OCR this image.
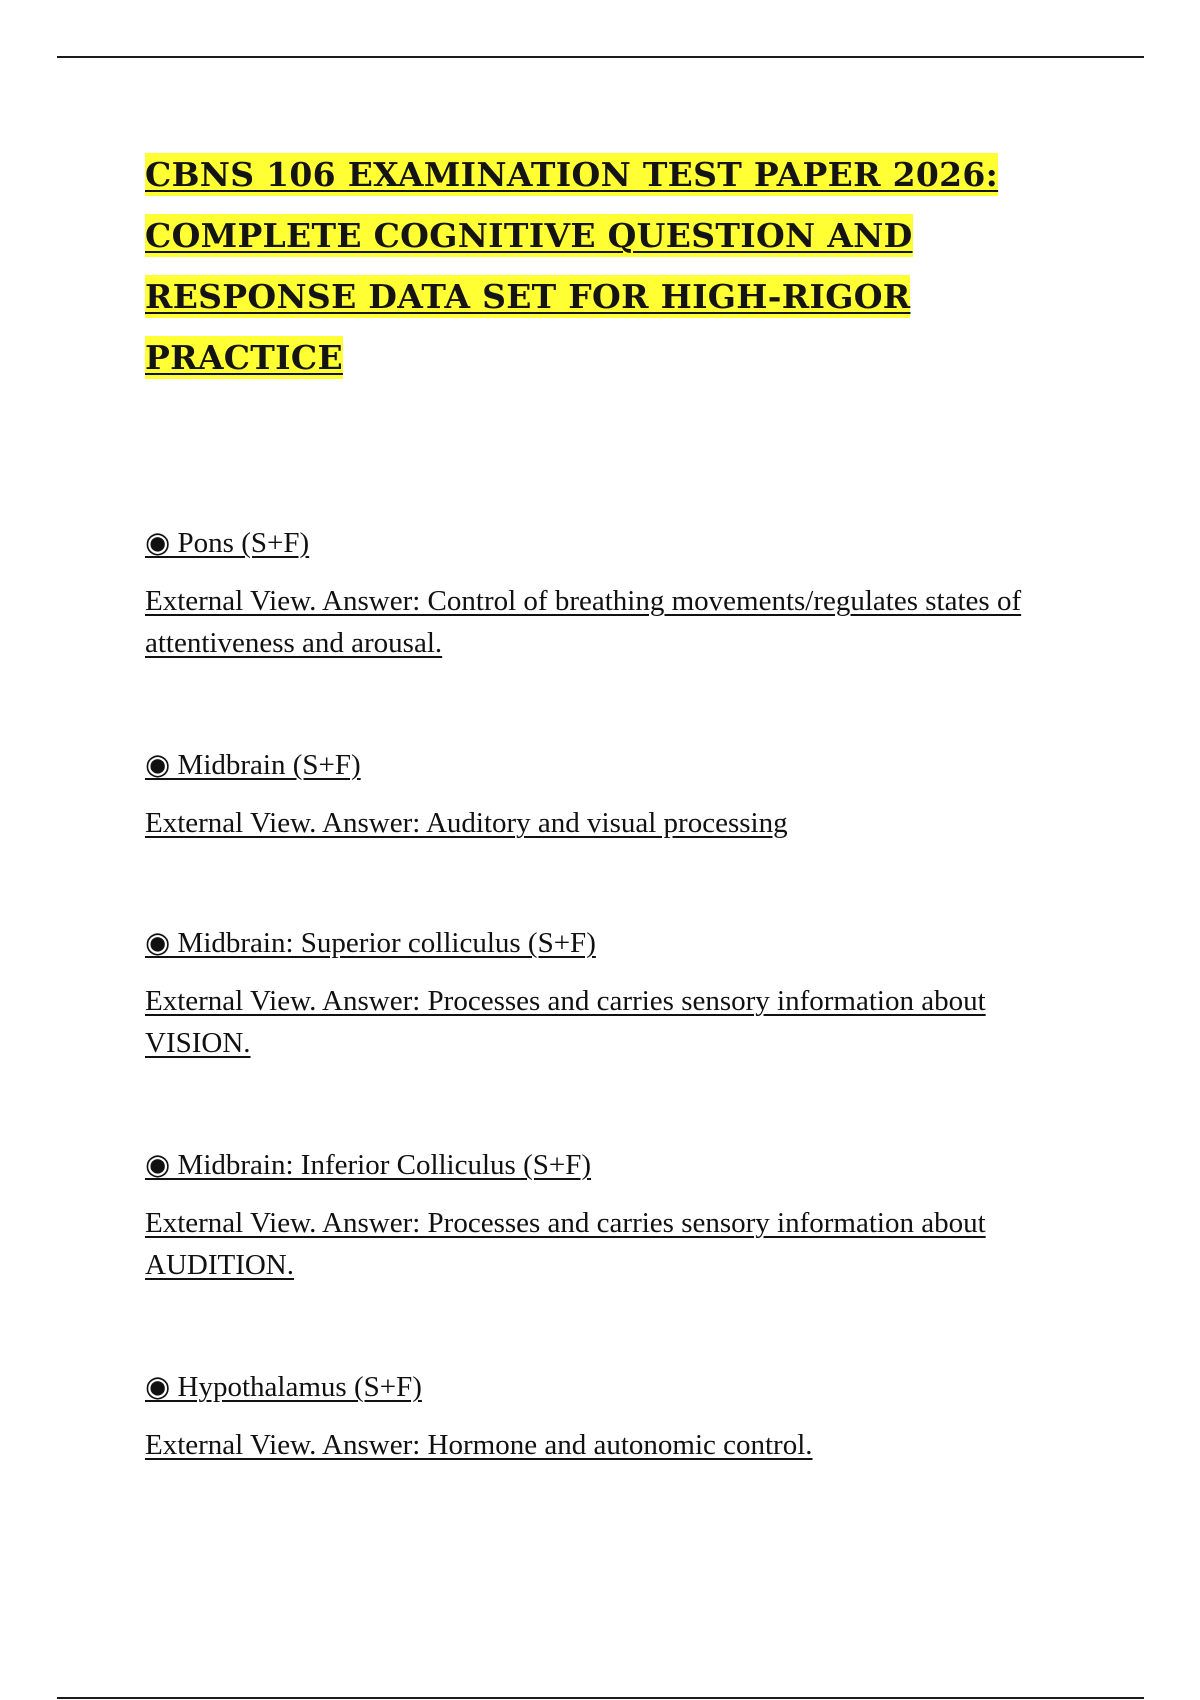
CBNS 106 EXAMINATION TEST PAPER 2026:
COMPLETE COGNITIVE QUESTION AND
RESPONSE DATA SET FOR HIGH-RIGOR
PRACTICE
◉ Pons (S+F)
External View. Answer: Control of breathing movements/regulates states of attentiveness and arousal.
◉ Midbrain (S+F)
External View. Answer: Auditory and visual processing
◉ Midbrain: Superior colliculus (S+F)
External View. Answer: Processes and carries sensory information about VISION.
◉ Midbrain: Inferior Colliculus (S+F)
External View. Answer: Processes and carries sensory information about AUDITION.
◉ Hypothalamus (S+F)
External View. Answer: Hormone and autonomic control.
